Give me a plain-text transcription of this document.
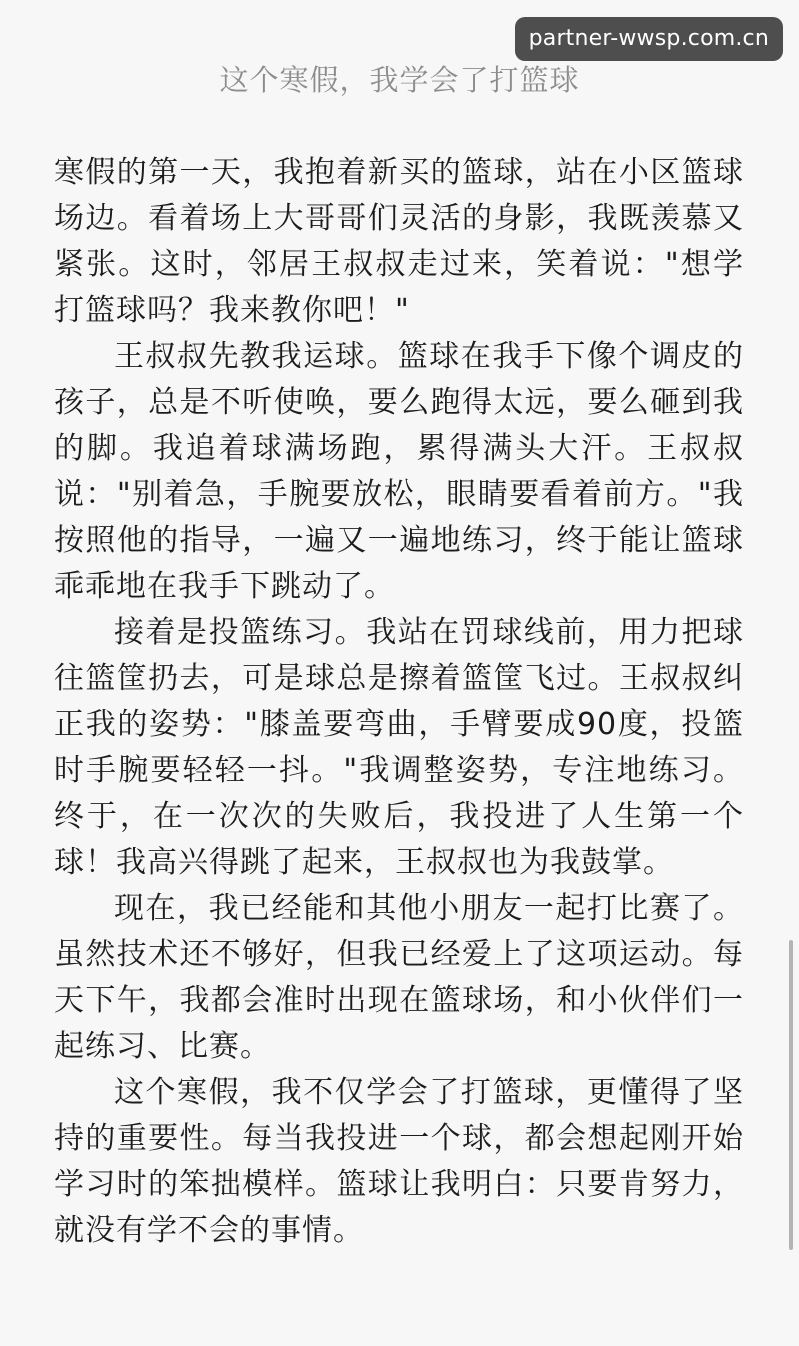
partner-wwsp.com.cn
这个寒假，我学会了打篮球

寒假的第一天，我抱着新买的篮球，站在小区篮球场边。看着场上大哥哥们灵活的身影，我既羡慕又紧张。这时，邻居王叔叔走过来，笑着说："想学打篮球吗？我来教你吧！"

王叔叔先教我运球。篮球在我手下像个调皮的孩子，总是不听使唤，要么跑得太远，要么砸到我的脚。我追着球满场跑，累得满头大汗。王叔叔说："别着急，手腕要放松，眼睛要看着前方。"我按照他的指导，一遍又一遍地练习，终于能让篮球乖乖地在我手下跳动了。

接着是投篮练习。我站在罚球线前，用力把球往篮筐扔去，可是球总是擦着篮筐飞过。王叔叔纠正我的姿势："膝盖要弯曲，手臂要成90度，投篮时手腕要轻轻一抖。"我调整姿势，专注地练习。终于，在一次次的失败后，我投进了人生第一个球！我高兴得跳了起来，王叔叔也为我鼓掌。

现在，我已经能和其他小朋友一起打比赛了。虽然技术还不够好，但我已经爱上了这项运动。每天下午，我都会准时出现在篮球场，和小伙伴们一起练习、比赛。

这个寒假，我不仅学会了打篮球，更懂得了坚持的重要性。每当我投进一个球，都会想起刚开始学习时的笨拙模样。篮球让我明白：只要肯努力，就没有学不会的事情。
